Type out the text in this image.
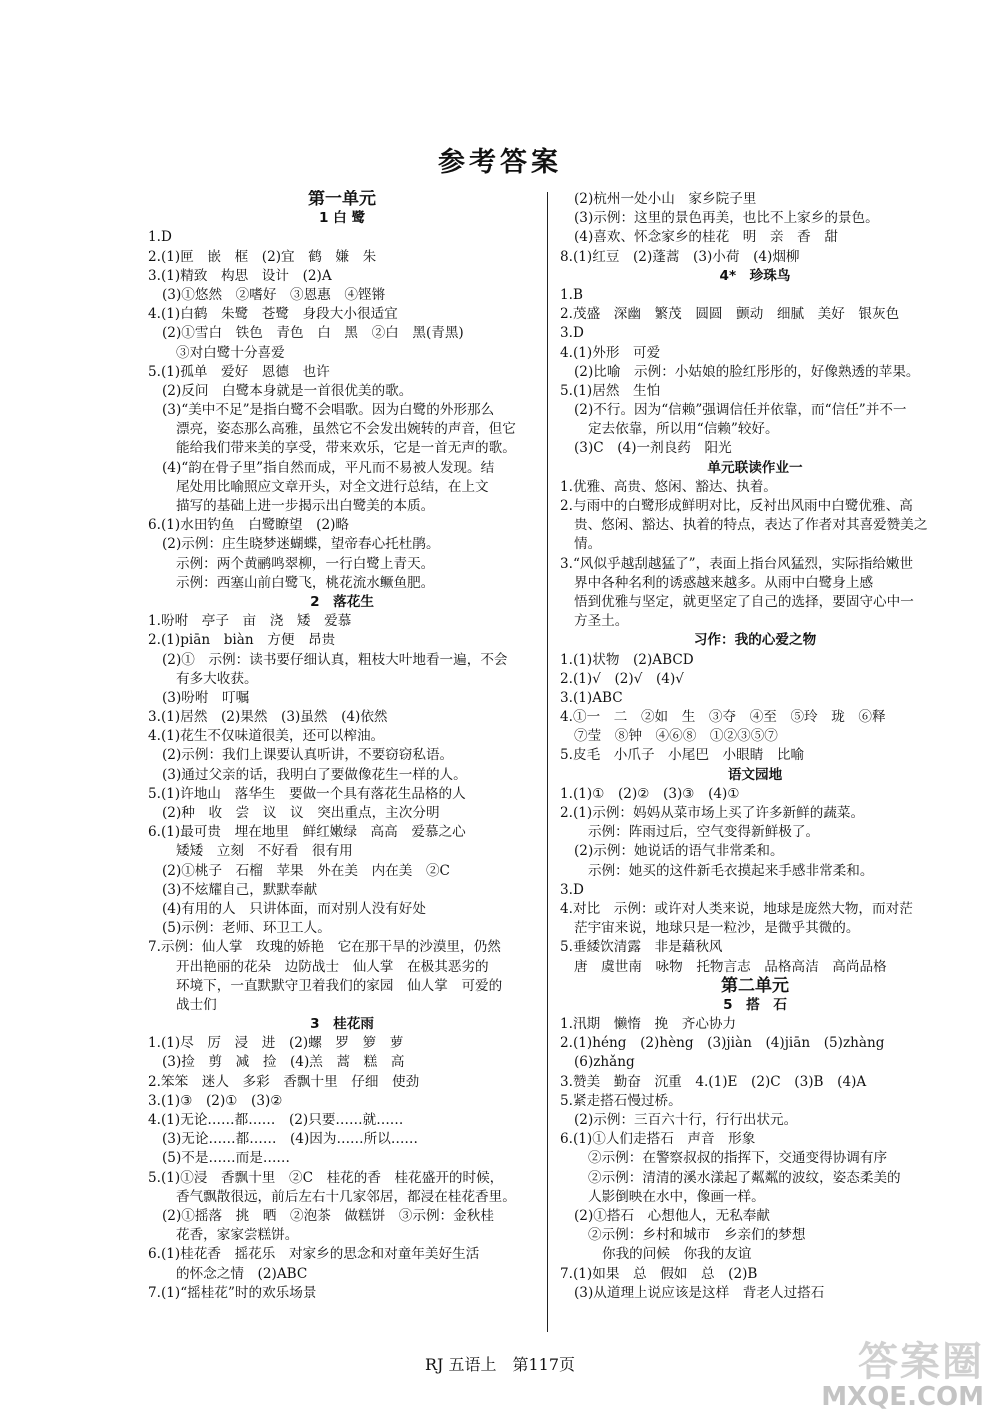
参考答案
第一单元
1 白 鹭
1.D
2.(1)匣　嵌　框　(2)宜　鹤　嫌　朱
3.(1)精致　构思　设计　(2)A
(3)①悠然　②嗜好　③恩惠　④铿锵
4.(1)白鹤　朱鹭　苍鹭　身段大小很适宜
(2)①雪白　铁色　青色　白　黑　②白　黑(青黑)
③对白鹭十分喜爱
5.(1)孤单　爱好　恩德　也许
(2)反问　白鹭本身就是一首很优美的歌。
(3)“美中不足”是指白鹭不会唱歌。因为白鹭的外形那么
漂亮，姿态那么高雅，虽然它不会发出婉转的声音，但它
能给我们带来美的享受，带来欢乐，它是一首无声的歌。
(4)“韵在骨子里”指自然而成，平凡而不易被人发现。结
尾处用比喻照应文章开头，对全文进行总结，在上文
描写的基础上进一步揭示出白鹭美的本质。
6.(1)水田钓鱼　白鹭瞭望　(2)略
(2)示例：庄生晓梦迷蝴蝶，望帝春心托杜鹃。
示例：两个黄鹂鸣翠柳，一行白鹭上青天。
示例：西塞山前白鹭飞，桃花流水鳜鱼肥。
2　落花生
1.吩咐　亭子　亩　浇　矮　爱慕
2.(1)piān　biàn　方便　昂贵
(2)①　示例：读书要仔细认真，粗枝大叶地看一遍，不会
有多大收获。
(3)吩咐　叮嘱
3.(1)居然　(2)果然　(3)虽然　(4)依然
4.(1)花生不仅味道很美，还可以榨油。
(2)示例：我们上课要认真听讲，不要窃窃私语。
(3)通过父亲的话，我明白了要做像花生一样的人。
5.(1)许地山　落华生　要做一个具有落花生品格的人
(2)种　收　尝　议　议　突出重点，主次分明
6.(1)最可贵　埋在地里　鲜红嫩绿　高高　爱慕之心
矮矮　立刻　不好看　很有用
(2)①桃子　石榴　苹果　外在美　内在美　②C
(3)不炫耀自己，默默奉献
(4)有用的人　只讲体面，而对别人没有好处
(5)示例：老师、环卫工人。
7.示例：仙人掌　玫瑰的娇艳　它在那干旱的沙漠里，仍然
开出艳丽的花朵　边防战士　仙人掌　在极其恶劣的
环境下，一直默默守卫着我们的家园　仙人掌　可爱的
战士们
3　桂花雨
1.(1)尽　厉　浸　进　(2)螺　罗　箩　萝
(3)捡　剪　减　捡　(4)羔　蒿　糕　高
2.笨笨　迷人　多彩　香飘十里　仔细　使劲
3.(1)③　(2)①　(3)②
4.(1)无论……都……　(2)只要……就……
(3)无论……都……　(4)因为……所以……
(5)不是……而是……
5.(1)①浸　香飘十里　②C　桂花的香　桂花盛开的时候，
香气飘散很远，前后左右十几家邻居，都浸在桂花香里。
(2)①摇落　挑　晒　②泡茶　做糕饼　③示例：金秋桂
花香，家家尝糕饼。
6.(1)桂花香　摇花乐　对家乡的思念和对童年美好生活
的怀念之情　(2)ABC
7.(1)“摇桂花”时的欢乐场景
(2)杭州一处小山　家乡院子里
(3)示例：这里的景色再美，也比不上家乡的景色。
(4)喜欢、怀念家乡的桂花　明　亲　香　甜
8.(1)红豆　(2)蓬蒿　(3)小荷　(4)烟柳
4*　珍珠鸟
1.B
2.茂盛　深幽　繁茂　圆圆　颤动　细腻　美好　银灰色
3.D
4.(1)外形　可爱
(2)比喻　示例：小姑娘的脸红彤彤的，好像熟透的苹果。
5.(1)居然　生怕
(2)不行。因为“信赖”强调信任并依靠，而“信任”并不一
定去依靠，所以用“信赖”较好。
(3)C　(4)一剂良药　阳光
单元联读作业一
1.优雅、高贵、悠闲、豁达、执着。
2.与雨中的白鹭形成鲜明对比，反衬出风雨中白鹭优雅、高
贵、悠闲、豁达、执着的特点，表达了作者对其喜爱赞美之
情。
3.“风似乎越刮越猛了”，表面上指台风猛烈，实际指给嫩世
界中各种名利的诱惑越来越多。从雨中白鹭身上感
悟到优雅与坚定，就更坚定了自己的选择，要固守心中一
方圣土。
习作：我的心爱之物
1.(1)状物　(2)ABCD
2.(1)√　(2)√　(4)√
3.(1)ABC
4.①一　二　②如　生　③夺　④至　⑤玲　珑　⑥释
⑦莹　⑧钟　④⑥⑧　①②③⑤⑦
5.皮毛　小爪子　小尾巴　小眼睛　比喻
语文园地
1.(1)①　(2)②　(3)③　(4)①
2.(1)示例：妈妈从菜市场上买了许多新鲜的蔬菜。
示例：阵雨过后，空气变得新鲜极了。
(2)示例：她说话的语气非常柔和。
示例：她买的这件新毛衣摸起来手感非常柔和。
3.D
4.对比　示例：或许对人类来说，地球是庞然大物，而对茫
茫宇宙来说，地球只是一粒沙，是微乎其微的。
5.垂緌饮清露　非是藉秋风
唐　虞世南　咏物　托物言志　品格高洁　高尚品格
第二单元
5　搭　石
1.汛期　懒惰　挽　齐心协力
2.(1)héng　(2)hèng　(3)jiàn　(4)jiān　(5)zhàng
(6)zhǎng
3.赞美　勤奋　沉重　4.(1)E　(2)C　(3)B　(4)A
5.紧走搭石慢过桥。
(2)示例：三百六十行，行行出状元。
6.(1)①人们走搭石　声音　形象
②示例：在警察叔叔的指挥下，交通变得协调有序
②示例：清清的溪水漾起了粼粼的波纹，姿态柔美的
人影倒映在水中，像画一样。
(2)①搭石　心想他人，无私奉献
②示例：乡村和城市　乡亲们的梦想
你我的问候　你我的友谊
7.(1)如果　总　假如　总　(2)B
(3)从道理上说应该是这样　背老人过搭石
RJ 五语上　第117页	答案圈
MXQE.COM
